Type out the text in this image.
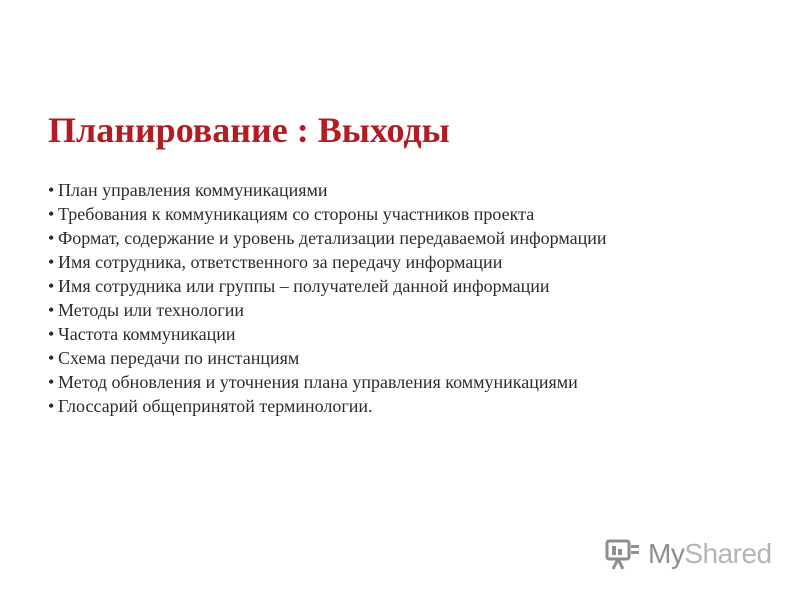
Планирование : Выходы
• План управления коммуникациями
• Требования к коммуникациям со стороны участников проекта
• Формат, содержание и уровень детализации передаваемой информации
• Имя сотрудника, ответственного за передачу информации
• Имя сотрудника или группы – получателей данной информации
• Методы или технологии
• Частота коммуникации
• Схема передачи по инстанциям
• Метод обновления и уточнения плана управления коммуникациями
• Глоссарий общепринятой терминологии.
MyShared
